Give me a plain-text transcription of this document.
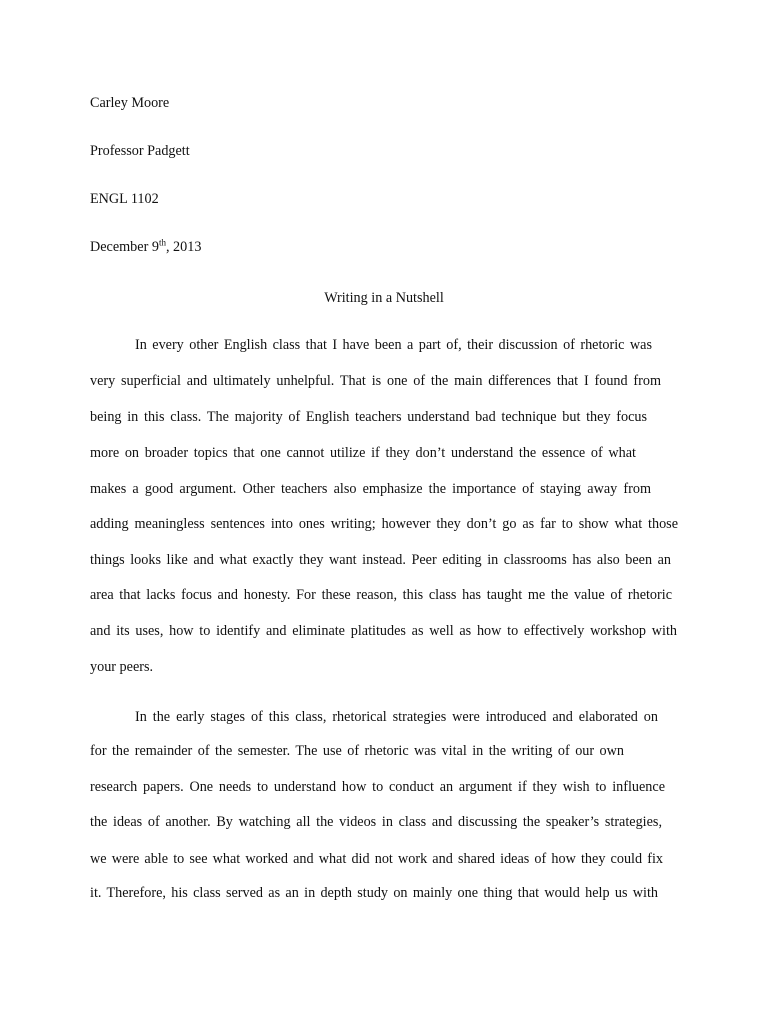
Carley Moore

Professor Padgett

ENGL 1102

December 9th, 2013

Writing in a Nutshell

In every other English class that I have been a part of, their discussion of rhetoric was

very superficial and ultimately unhelpful. That is one of the main differences that I found from

being in this class. The majority of English teachers understand bad technique but they focus

more on broader topics that one cannot utilize if they don’t understand the essence of what

makes a good argument. Other teachers also emphasize the importance of staying away from

adding meaningless sentences into ones writing; however they don’t go as far to show what those

things looks like and what exactly they want instead. Peer editing in classrooms has also been an

area that lacks focus and honesty. For these reason, this class has taught me the value of rhetoric

and its uses, how to identify and eliminate platitudes as well as how to effectively workshop with

your peers.

In the early stages of this class, rhetorical strategies were introduced and elaborated on

for the remainder of the semester. The use of rhetoric was vital in the writing of our own

research papers. One needs to understand how to conduct an argument if they wish to influence

the ideas of another. By watching all the videos in class and discussing the speaker’s strategies,

we were able to see what worked and what did not work and shared ideas of how they could fix

it. Therefore, his class served as an in depth study on mainly one thing that would help us with
